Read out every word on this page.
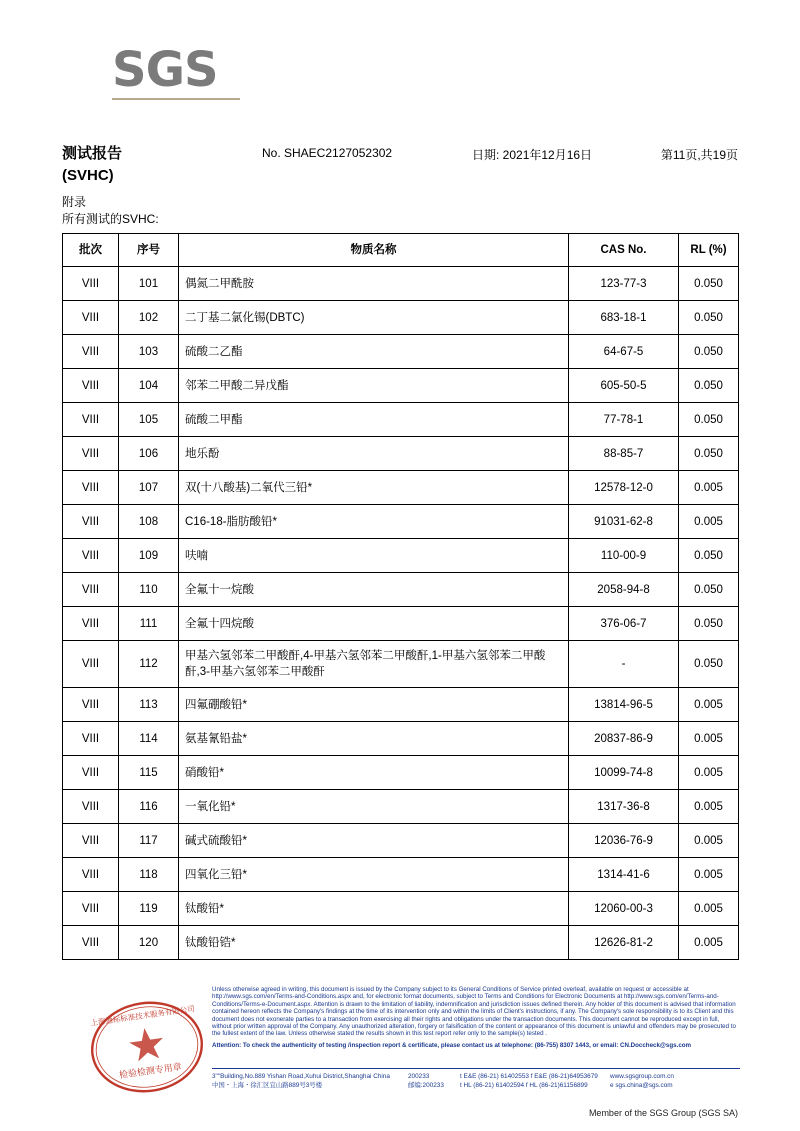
SGS
测试报告
(SVHC)
No. SHAEC2127052302	日期: 2021年12月16日	第11页,共19页
附录
所有测试的SVHC:
批次	序号	物质名称	CAS No.	RL (%)
VIII	101	偶氮二甲酰胺	123-77-3	0.050
VIII	102	二丁基二氯化锡(DBTC)	683-18-1	0.050
VIII	103	硫酸二乙酯	64-67-5	0.050
VIII	104	邻苯二甲酸二异戊酯	605-50-5	0.050
VIII	105	硫酸二甲酯	77-78-1	0.050
VIII	106	地乐酚	88-85-7	0.050
VIII	107	双(十八酸基)二氧代三铅*	12578-12-0	0.005
VIII	108	C16-18-脂肪酸铅*	91031-62-8	0.005
VIII	109	呋喃	110-00-9	0.050
VIII	110	全氟十一烷酸	2058-94-8	0.050
VIII	111	全氟十四烷酸	376-06-7	0.050
VIII	112	甲基六氢邻苯二甲酸酐,4-甲基六氢邻苯二甲酸酐,1-甲基六氢邻苯二甲酸酐,3-甲基六氢邻苯二甲酸酐	-	0.050
VIII	113	四氟硼酸铅*	13814-96-5	0.005
VIII	114	氨基氰铅盐*	20837-86-9	0.005
VIII	115	硝酸铅*	10099-74-8	0.005
VIII	116	一氧化铅*	1317-36-8	0.005
VIII	117	碱式硫酸铅*	12036-76-9	0.005
VIII	118	四氧化三铅*	1314-41-6	0.005
VIII	119	钛酸铅*	12060-00-3	0.005
VIII	120	钛酸铅锆*	12626-81-2	0.005
检验检测专用章
上海通标标准技术服务有限公司
Unless otherwise agreed in writing, this document is issued by the Company subject to its General Conditions of Service printed overleaf, available on request or accessible at http://www.sgs.com/en/Terms-and-Conditions.aspx and, for electronic format documents, subject to Terms and Conditions for Electronic Documents at http://www.sgs.com/en/Terms-and-Conditions/Terms-e-Document.aspx. Attention is drawn to the limitation of liability, indemnification and jurisdiction issues defined therein. Any holder of this document is advised that information contained hereon reflects the Company's findings at the time of its intervention only and within the limits of Client's instructions, if any. The Company's sole responsibility is to its Client and this document does not exonerate parties to a transaction from exercising all their rights and obligations under the transaction documents. This document cannot be reproduced except in full, without prior written approval of the Company. Any unauthorized alteration, forgery or falsification of the content or appearance of this document is unlawful and offenders may be prosecuted to the fullest extent of the law. Unless otherwise stated the results shown in this test report refer only to the sample(s) tested .
Attention: To check the authenticity of testing /inspection report & certificate, please contact us at telephone: (86-755) 8307 1443, or email: CN.Doccheck@sgs.com
3""Building,No.889 Yishan Road,Xuhui District,Shanghai China	200233	t E&E (86-21) 61402553 f E&E (86-21)64953679	www.sgsgroup.com.cn
中国・上海・徐汇区宜山路889号3号楼	邮编:200233	t HL (86-21) 61402594 f HL (86-21)61156899	e sgs.china@sgs.com
Member of the SGS Group (SGS SA)
